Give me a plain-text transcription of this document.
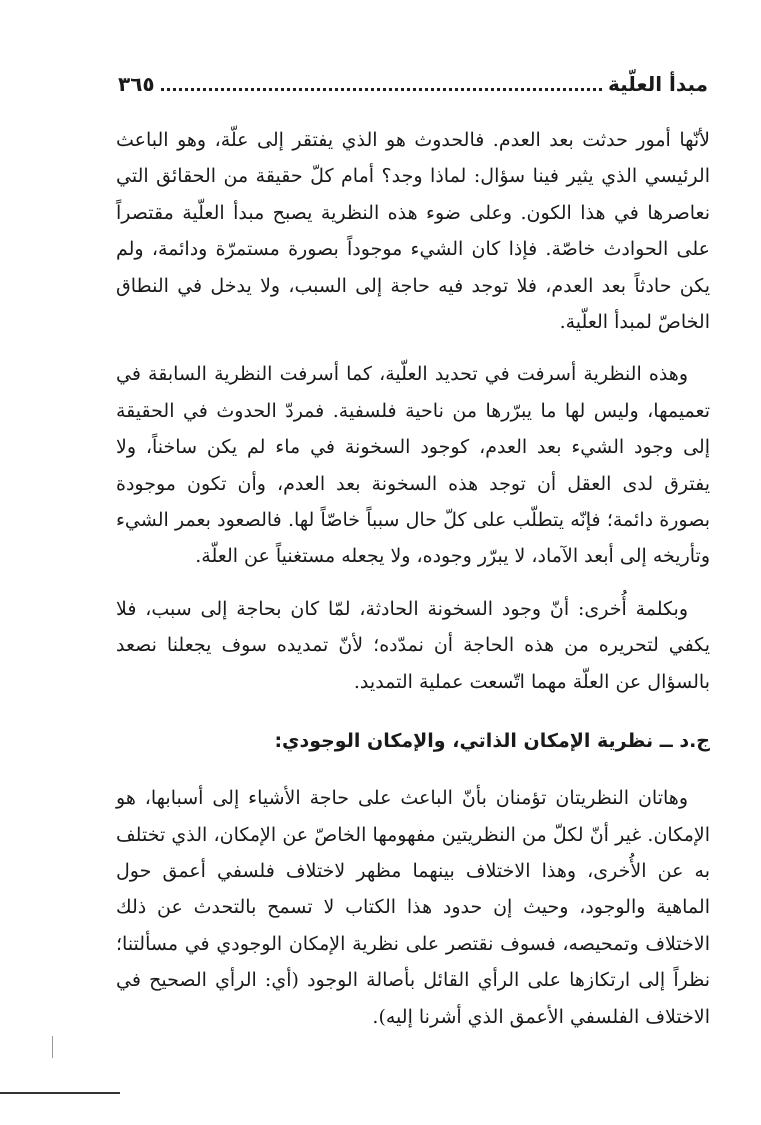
مبدأ العلّية
٣٦٥

لأنّها أمور حدثت بعد العدم. فالحدوث هو الذي يفتقر إلى علّة، وهو الباعث الرئيسي الذي يثير فينا سؤال: لماذا وجد؟ أمام كلّ حقيقة من الحقائق التي نعاصرها في هذا الكون. وعلى ضوء هذه النظرية يصبح مبدأ العلّية مقتصراً على الحوادث خاصّة. فإذا كان الشيء موجوداً بصورة مستمرّة ودائمة، ولم يكن حادثاً بعد العدم، فلا توجد فيه حاجة إلى السبب، ولا يدخل في النطاق الخاصّ لمبدأ العلّية.

وهذه النظرية أسرفت في تحديد العلّية، كما أسرفت النظرية السابقة في تعميمها، وليس لها ما يبرّرها من ناحية فلسفية. فمردّ الحدوث في الحقيقة إلى وجود الشيء بعد العدم، كوجود السخونة في ماء لم يكن ساخناً، ولا يفترق لدى العقل أن توجد هذه السخونة بعد العدم، وأن تكون موجودة بصورة دائمة؛ فإنّه يتطلّب على كلّ حال سبباً خاصّاً لها. فالصعود بعمر الشيء وتأريخه إلى أبعد الآماد، لا يبرّر وجوده، ولا يجعله مستغنياً عن العلّة.

وبكلمة أُخرى: أنّ وجود السخونة الحادثة، لمّا كان بحاجة إلى سبب، فلا يكفي لتحريره من هذه الحاجة أن نمدّده؛ لأنّ تمديده سوف يجعلنا نصعد بالسؤال عن العلّة مهما اتّسعت عملية التمديد.

ج.د ــ نظرية الإمكان الذاتي، والإمكان الوجودي:

وهاتان النظريتان تؤمنان بأنّ الباعث على حاجة الأشياء إلى أسبابها، هو الإمكان. غير أنّ لكلّ من النظريتين مفهومها الخاصّ عن الإمكان، الذي تختلف به عن الأُخرى، وهذا الاختلاف بينهما مظهر لاختلاف فلسفي أعمق حول الماهية والوجود، وحيث إن حدود هذا الكتاب لا تسمح بالتحدث عن ذلك الاختلاف وتمحيصه، فسوف نقتصر على نظرية الإمكان الوجودي في مسألتنا؛ نظراً إلى ارتكازها على الرأي القائل بأصالة الوجود (أي: الرأي الصحيح في الاختلاف الفلسفي الأعمق الذي أشرنا إليه).
